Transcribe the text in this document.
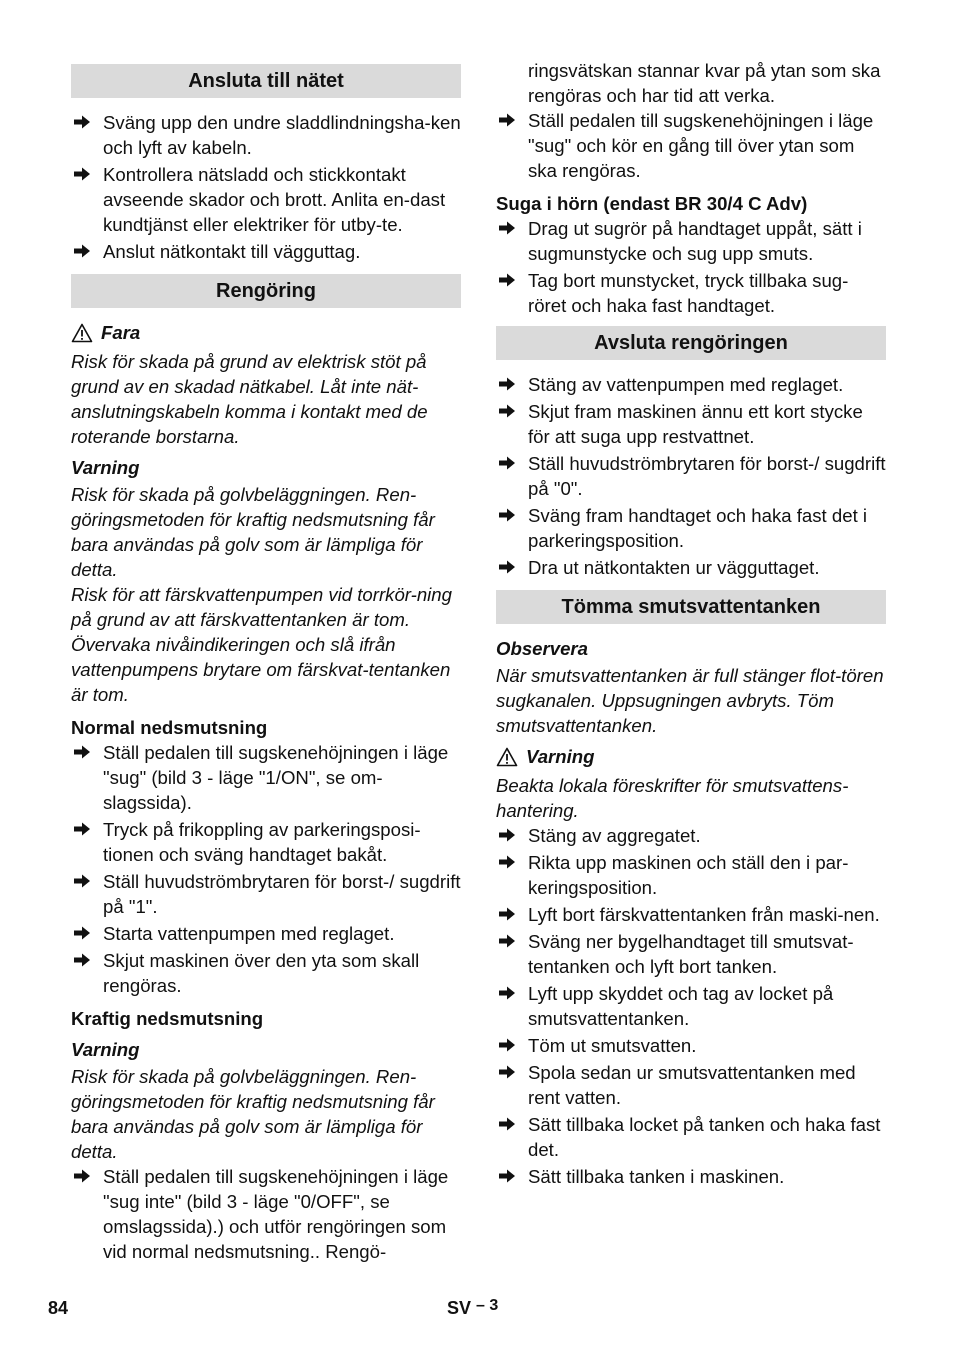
Ansluta till nätet
Sväng upp den undre sladdlindningsha-ken och lyft av kabeln.
Kontrollera nätsladd och stickkontakt avseende skador och brott. Anlita en-dast kundtjänst eller elektriker för utby-te.
Anslut nätkontakt till vägguttag.
Rengöring
Fara
Risk för skada på grund av elektrisk stöt på grund av en skadad nätkabel. Låt inte nät-anslutningskabeln komma i kontakt med de roterande borstarna.
Varning
Risk för skada på golvbeläggningen. Ren-göringsmetoden för kraftig nedsmutsning får bara användas på golv som är lämpliga för detta.
Risk för att färskvattenpumpen vid torrkör-ning på grund av att färskvattentanken är tom. Övervaka nivåindikeringen och slå ifrån vattenpumpens brytare om färskvat-tentanken är tom.
Normal nedsmutsning
Ställ pedalen till sugskenehöjningen i läge "sug" (bild 3 - läge "1/ON", se om-slagssida).
Tryck på frikoppling av parkeringsposi-tionen och sväng handtaget bakåt.
Ställ huvudströmbrytaren för borst-/ sugdrift på "1".
Starta vattenpumpen med reglaget.
Skjut maskinen över den yta som skall rengöras.
Kraftig nedsmutsning
Varning
Risk för skada på golvbeläggningen. Ren-göringsmetoden för kraftig nedsmutsning får bara användas på golv som är lämpliga för detta.
Ställ pedalen till sugskenehöjningen i läge "sug inte" (bild 3 - läge "0/OFF", se omslagssida).) och utför rengöringen som vid normal nedsmutsning.. Rengö-
ringsvätskan stannar kvar på ytan som ska rengöras och har tid att verka.
Ställ pedalen till sugskenehöjningen i läge "sug" och kör en gång till över ytan som ska rengöras.
Suga i hörn (endast BR 30/4 C Adv)
Drag ut sugrör på handtaget uppåt, sätt i sugmunstycke och sug upp smuts.
Tag bort munstycket, tryck tillbaka sug-röret och haka fast handtaget.
Avsluta rengöringen
Stäng av vattenpumpen med reglaget.
Skjut fram maskinen ännu ett kort stycke för att suga upp restvattnet.
Ställ huvudströmbrytaren för borst-/ sugdrift på "0".
Sväng fram handtaget och haka fast det i parkeringsposition.
Dra ut nätkontakten ur vägguttaget.
Tömma smutsvattentanken
Observera
När smutsvattentanken är full stänger flot-tören sugkanalen. Uppsugningen avbryts. Töm smutsvattentanken.
Varning
Beakta lokala föreskrifter för smutsvattens-hantering.
Stäng av aggregatet.
Rikta upp maskinen och ställ den i par-keringsposition.
Lyft bort färskvattentanken från maski-nen.
Sväng ner bygelhandtaget till smutsvat-tentanken och lyft bort tanken.
Lyft upp skyddet och tag av locket på smutsvattentanken.
Töm ut smutsvatten.
Spola sedan ur smutsvattentanken med rent vatten.
Sätt tillbaka locket på tanken och haka fast det.
Sätt tillbaka tanken i maskinen.
84	SV – 3
